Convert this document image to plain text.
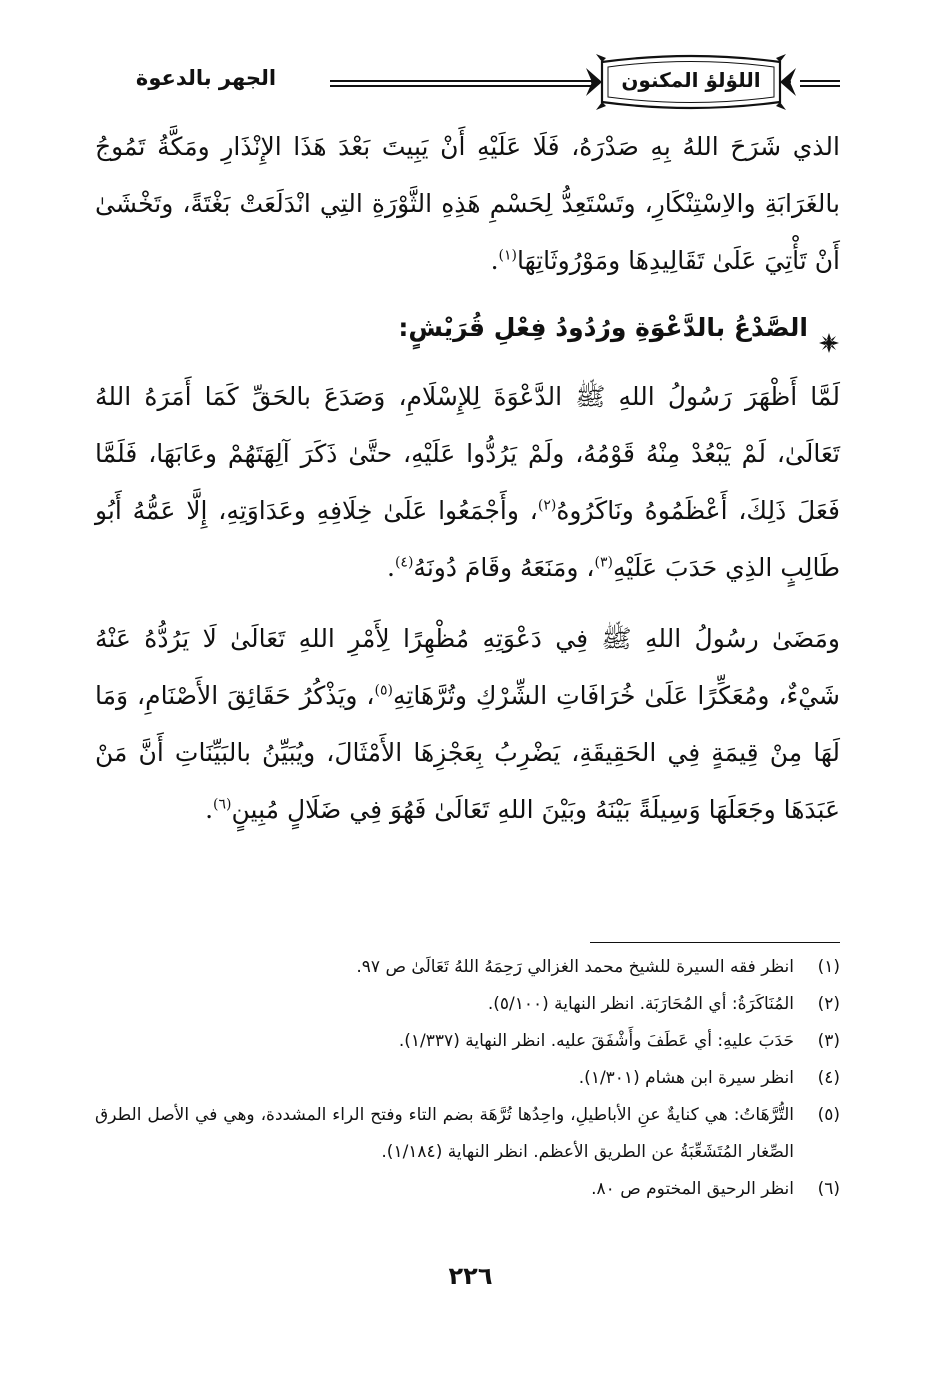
الجهر بالدعوة	اللؤلؤ المكنون

الذي شَرَحَ اللهُ بِهِ صَدْرَهُ، فَلَا عَلَيْهِ أَنْ يَبِيتَ بَعْدَ هَذَا الإِنْذَارِ ومَكَّةُ تَمُوجُ بالغَرَابَةِ والاِسْتِنْكَارِ، وتَسْتَعِدُّ لِحَسْمِ هَذِهِ الثَّوْرَةِ التِي انْدَلَعَتْ بَغْتَةً، وتَخْشَىٰ أَنْ تَأْتِيَ عَلَىٰ تَقَالِيدِهَا ومَوْرُوثَاتِهَا$^{(١)}$.

الصَّدْعُ بالدَّعْوَةِ ورُدُودُ فِعْلِ قُرَيْشٍ:

لَمَّا أَظْهَرَ رَسُولُ اللهِ ﷺ الدَّعْوَةَ لِلإِسْلَامِ، وَصَدَعَ بالحَقِّ كَمَا أَمَرَهُ اللهُ تَعَالَىٰ، لَمْ يَبْعُدْ مِنْهُ قَوْمُهُ، ولَمْ يَرُدُّوا عَلَيْهِ، حتَّىٰ ذَكَرَ آلِهَتَهُمْ وعَابَهَا، فَلَمَّا فَعَلَ ذَلِكَ، أَعْظَمُوهُ ونَاكَرُوهُ$^{(٢)}$، وأَجْمَعُوا عَلَىٰ خِلَافِهِ وعَدَاوَتِهِ، إِلَّا عَمُّهُ أَبُو طَالِبٍ الذِي حَدَبَ عَلَيْهِ$^{(٣)}$، ومَنَعَهُ وقَامَ دُونَهُ$^{(٤)}$.

ومَضَىٰ رسُولُ اللهِ ﷺ فِي دَعْوَتِهِ مُظْهِرًا لِأَمْرِ اللهِ تَعَالَىٰ لَا يَرُدُّهُ عَنْهُ شَيْءٌ، ومُعَكِّرًا عَلَىٰ خُرَافَاتِ الشِّرْكِ وتُرَّهَاتِهِ$^{(٥)}$، ويَذْكُرُ حَقَائِقَ الأَصْنَامِ، وَمَا لَهَا مِنْ قِيمَةٍ فِي الحَقِيقَةِ، يَضْرِبُ بِعَجْزِهَا الأَمْثَالَ، ويُبَيِّنُ بالبَيِّنَاتِ أَنَّ مَنْ عَبَدَهَا وجَعَلَهَا وَسِيلَةً بَيْنَهُ وبَيْنَ اللهِ تَعَالَىٰ فَهُوَ فِي ضَلَالٍ مُبِينٍ$^{(٦)}$.

(١)
انظر فقه السيرة للشيخ محمد الغزالي رَحِمَهُ اللهُ تَعَالَىٰ ص ٩٧.
(٢)
المُنَاكَرَةُ: أي المُحَارَبَة. انظر النهاية (٥/١٠٠).
(٣)
حَدَبَ عليهِ: أي عَطَفَ وأَشْفَقَ عليه. انظر النهاية (١/٣٣٧).
(٤)
انظر سيرة ابن هشام (١/٣٠١).
(٥)
التُّرَّهَاتُ: هي كنايةٌ عنِ الأباطيلِ، واحِدُها تُرَّهَة بضم التاء وفتح الراء المشددة، وهي في الأصل الطرق الصِّغار المُتَشَعِّبَةُ عن الطريق الأعظم. انظر النهاية (١/١٨٤).
(٦)
انظر الرحيق المختوم ص ٨٠.
٢٢٦
